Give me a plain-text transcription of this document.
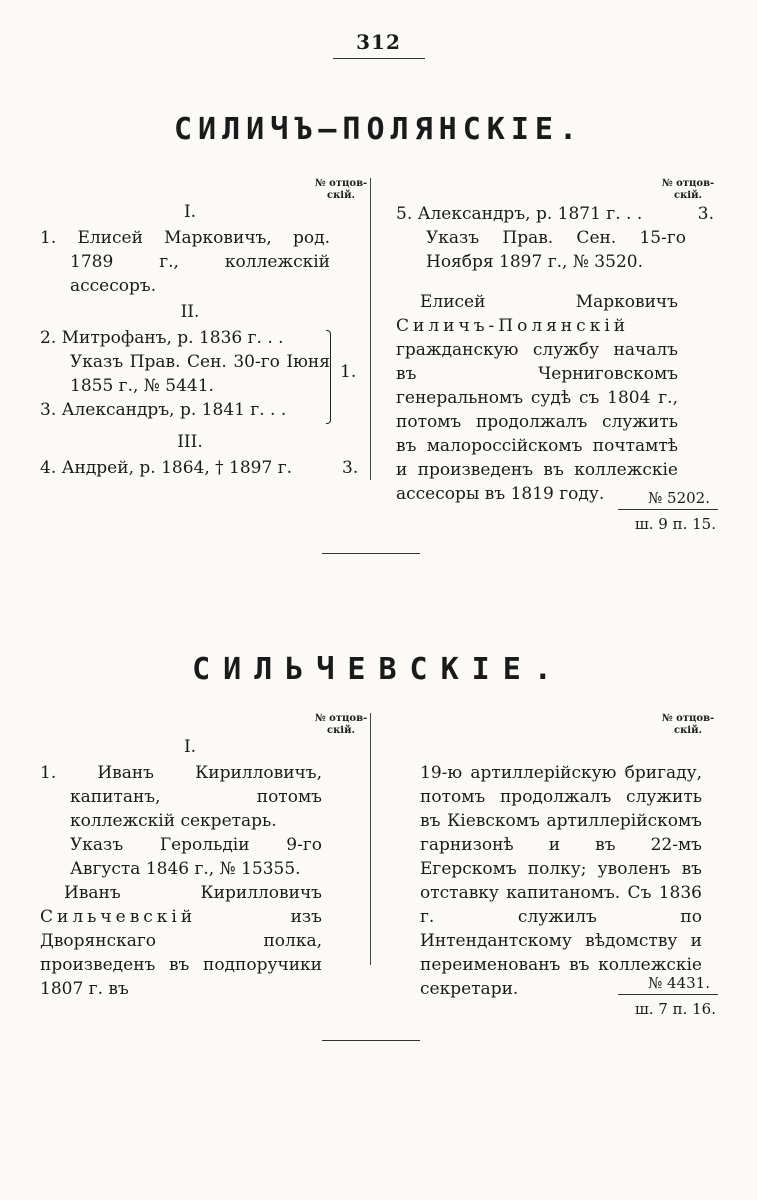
312
СИЛИЧЪ—ПОЛЯНСКІЕ.
№ отцов-
скій.
I.

1. Елисей Марковичъ, род. 1789 г., коллежскій ассесоръ.

II.

2. Митрофанъ, р. 1836 г. . .

Указъ Прав. Сен. 30-го Іюня 1855 г., № 5441.

3. Александръ, р. 1841 г. . .

1.
III.
4. Андрей, р. 1864, † 1897 г.	3.
№ отцов-
скій.
5. Александръ, р. 1871 г. . .	3.

Указъ Прав. Сен. 15-го Ноября 1897 г., № 3520.

Елисей Марковичъ Силичъ-Полянскій гражданскую службу началъ въ Черниговскомъ генеральномъ судѣ съ 1804 г., потомъ продолжалъ служить въ малороссійскомъ почтамтѣ и произведенъ въ коллежскіе ассесоры въ 1819 году.	№ 5202.
ш. 9 п. 15.
СИЛЬЧЕВСКІЕ.
№ отцов-
скій.
I.

1. Иванъ Кирилловичъ, капитанъ, потомъ коллежскій секретарь.

Указъ Герольдіи 9-го Августа 1846 г., № 15355.

Иванъ Кирилловичъ Сильчевскій	изъ Дворянскаго полка, произведенъ въ подпоручики 1807 г. въ

№ отцов-
скій.

19-ю артиллерійскую бригаду, потомъ продолжалъ служить въ Кіевскомъ артиллерійскомъ гарнизонѣ и въ 22-мъ Егерскомъ полку; уволенъ въ отставку капитаномъ. Съ 1836 г. служилъ по Интендантскому вѣдомству и переименованъ въ коллежскіе секретари.	№ 4431.
ш. 7 п. 16.
